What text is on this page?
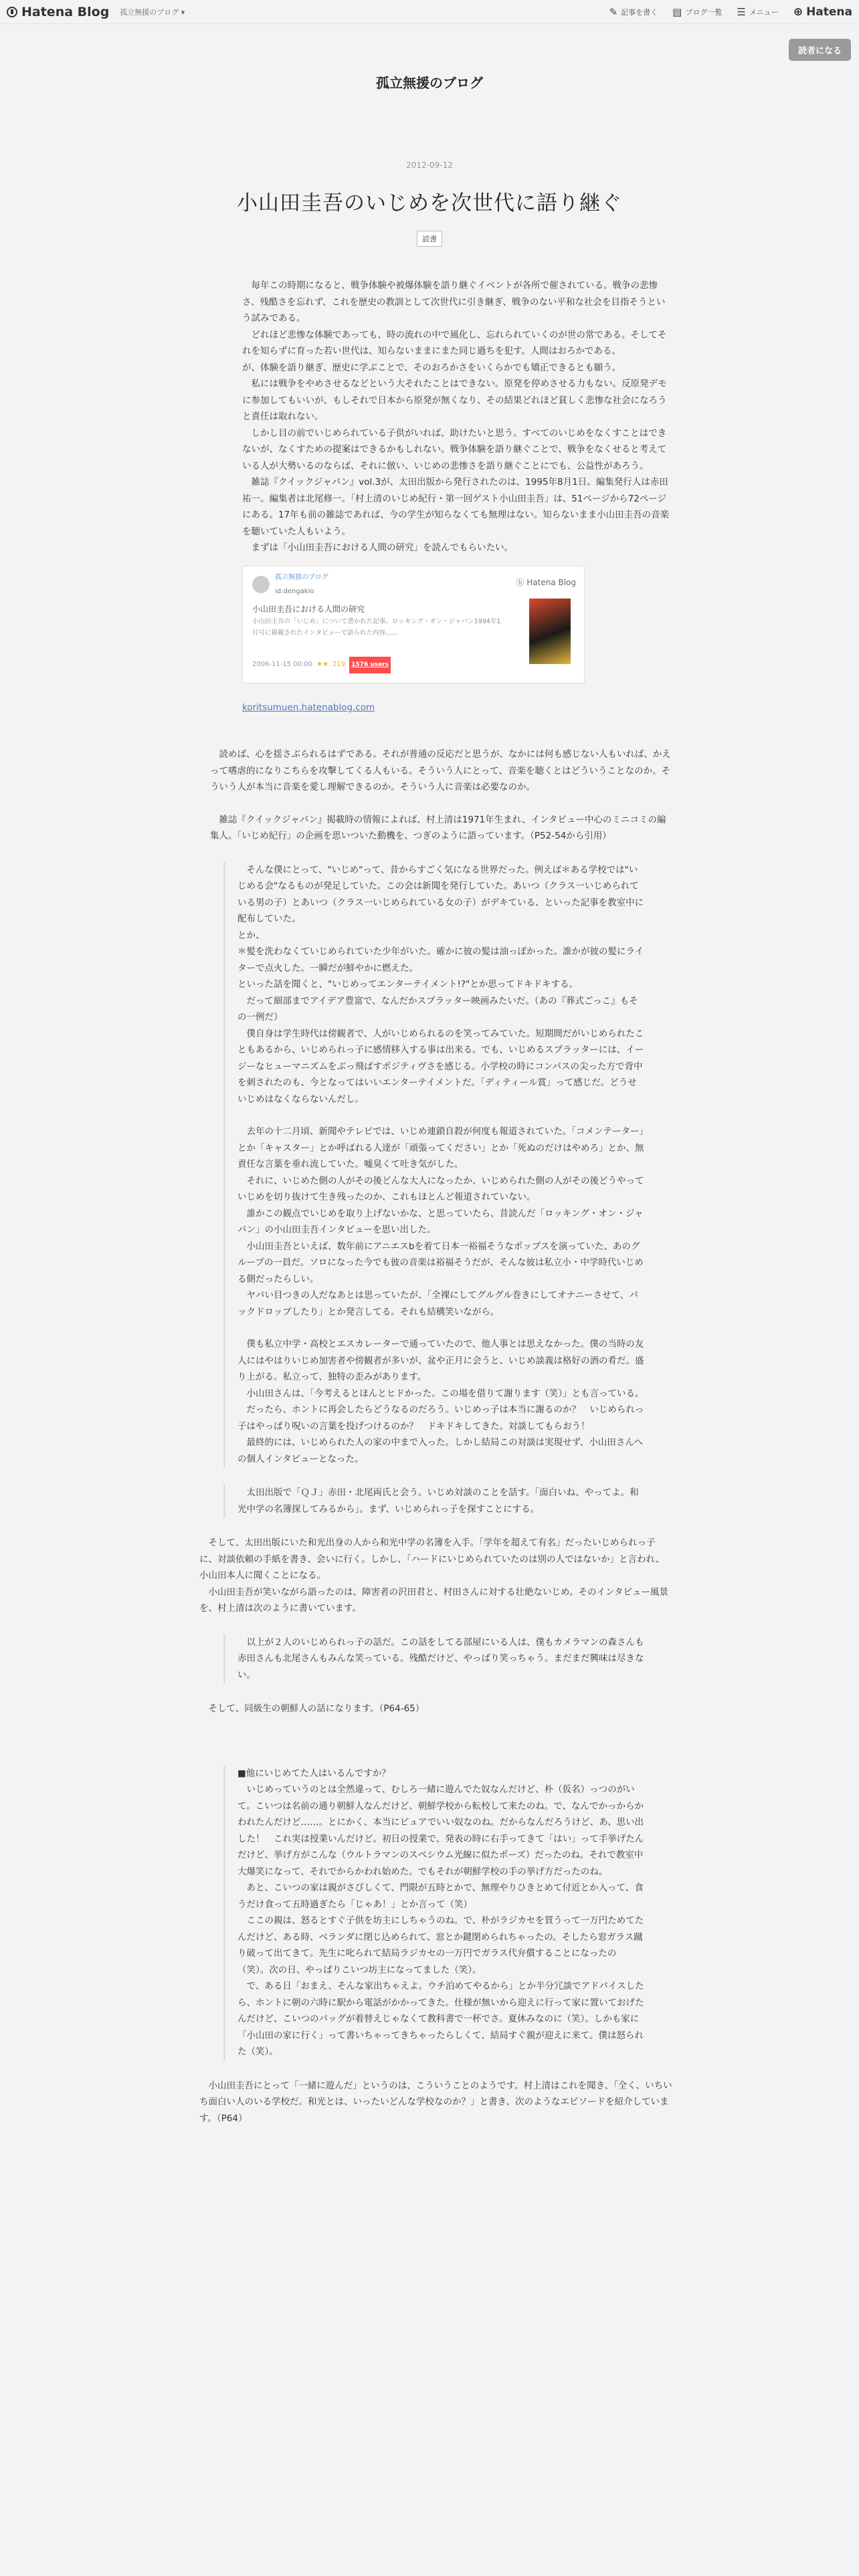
Hatena Blog 孤立無援のブログ ▾	✎ 記事を書く ▤ ブログ一覧 ☰ メニュー ⊕ Hatena
読者になる
孤立無援のブログ
2012-09-12
小山田圭吾のいじめを次世代に語り継ぐ
読書

毎年この時期になると、戦争体験や被爆体験を語り継ぐイベントが各所で催されている。戦争の悲惨さ、残酷さを忘れず、これを歴史の教訓として次世代に引き継ぎ、戦争のない平和な社会を目指そうという試みである。

どれほど悲惨な体験であっても、時の流れの中で風化し、忘れられていくのが世の常である。そしてそれを知らずに育った若い世代は、知らないままにまた同じ過ちを犯す。人間はおろかである。

が、体験を語り継ぎ、歴史に学ぶことで、そのおろかさをいくらかでも矯正できるとも願う。

私には戦争をやめさせるなどという大それたことはできない。原発を停めさせる力もない。反原発デモに参加してもいいが、もしそれで日本から原発が無くなり、その結果どれほど貧しく悲惨な社会になろうと責任は取れない。

しかし目の前でいじめられている子供がいれば、助けたいと思う。すべてのいじめをなくすことはできないが、なくすための提案はできるかもしれない。戦争体験を語り継ぐことで、戦争をなくせると考えている人が大勢いるのならば、それに倣い、いじめの悲惨さを語り継ぐことにでも、公益性があろう。

雑誌『クイックジャパン』vol.3が、太田出版から発行されたのは、1995年8月1日。編集発行人は赤田祐一。編集者は北尾修一。「村上清のいじめ紀行・第一回ゲスト小山田圭吾」は、51ページから72ページにある。17年も前の雑誌であれば、今の学生が知らなくても無理はない。知らないまま小山田圭吾の音楽を聴いていた人もいよう。

まずは「小山田圭吾における人間の研究」を読んでもらいたい。

孤立無援のブログ
id:dengakio
ⓗ Hatena Blog
小山田圭吾における人間の研究
小山田圭吾の「いじめ」について書かれた記事。ロッキング・オン・ジャパン1994年1月号に掲載されたインタビューで語られた内容……
2006-11-15 00:00 ★★ 219	1576 users
koritsumuen.hatenablog.com

読めば、心を揺さぶられるはずである。それが普通の反応だと思うが、なかには何も感じない人もいれば、かえって嗜虐的になりこちらを攻撃してくる人もいる。そういう人にとって、音楽を聴くとはどういうことなのか。そういう人が本当に音楽を愛し理解できるのか。そういう人に音楽は必要なのか。

雑誌『クイックジャパン』掲載時の情報によれば、村上清は1971年生まれ、インタビュー中心のミニコミの編集人。「いじめ紀行」の企画を思いついた動機を、つぎのように語っています。（P52-54から引用）

そんな僕にとって、"いじめ"って、昔からすごく気になる世界だった。例えば＊ある学校では"いじめる会"なるものが発足していた。この会は新聞を発行していた。あいつ（クラス一いじめられている男の子）とあいつ（クラス一いじめられている女の子）がデキている、といった記事を教室中に配布していた。

とか、

＊髪を洗わなくていじめられていた少年がいた。確かに彼の髪は油っぽかった。誰かが彼の髪にライターで点火した。一瞬だが鮮やかに燃えた。

といった話を聞くと、"いじめってエンターテイメント!?"とか思ってドキドキする。

だって細部までアイデア豊富で、なんだかスプラッター映画みたいだ。（あの『葬式ごっこ』もその一例だ）

僕自身は学生時代は傍観者で、人がいじめられるのを笑ってみていた。短期間だがいじめられたこともあるから、いじめられっ子に感情移入する事は出来る。でも、いじめるスプラッターには、イージーなヒューマニズムをぶっ飛ばすポジティヴさを感じる。小学校の時にコンパスの尖った方で背中を刺されたのも、今となってはいいエンターテイメントだ。「ディティール賞」って感じだ。どうせいじめはなくならないんだし。

去年の十二月頃、新聞やテレビでは、いじめ連鎖自殺が何度も報道されていた。「コメンテーター」とか「キャスター」とか呼ばれる人達が「頑張ってください」とか「死ぬのだけはやめろ」とか、無責任な言葉を垂れ流していた。嘘臭くて吐き気がした。

それに、いじめた側の人がその後どんな大人になったか、いじめられた側の人がその後どうやっていじめを切り抜けて生き残ったのか、これもほとんど報道されていない。

誰かこの観点でいじめを取り上げないかな、と思っていたら、昔読んだ「ロッキング・オン・ジャパン」の小山田圭吾インタビューを思い出した。

小山田圭吾といえば、数年前にアニエスbを着て日本一裕福そうなポップスを演っていた、あのグループの一員だ。ソロになった今でも彼の音楽は裕福そうだが、そんな彼は私立小・中学時代いじめる側だったらしい。

ヤバい目つきの人だなあとは思っていたが、「全裸にしてグルグル巻きにしてオナニーさせて、バックドロップしたり」とか発言してる。それも結構笑いながら。

僕も私立中学・高校とエスカレーターで通っていたので、他人事とは思えなかった。僕の当時の友人にはやはりいじめ加害者や傍観者が多いが、盆や正月に会うと、いじめ談義は格好の酒の肴だ。盛り上がる。私立って、独特の歪みがあります。

小山田さんは、「今考えるとほんとヒドかった。この場を借りて謝ります（笑）」とも言っている。

だったら、ホントに再会したらどうなるのだろう。いじめっ子は本当に謝るのか？　いじめられっ子はやっぱり呪いの言葉を投げつけるのか？　ドキドキしてきた。対談してもらおう！

最終的には、いじめられた人の家の中まで入った。しかし結局この対談は実現せず、小山田さんへの個人インタビューとなった。

太田出版で「ＱＪ」赤田・北尾両氏と会う。いじめ対談のことを話す。「面白いね、やってよ。和光中学の名簿探してみるから」。まず、いじめられっ子を探すことにする。

そして、太田出版にいた和光出身の人から和光中学の名簿を入手。「学年を超えて有名」だったいじめられっ子に、対談依頼の手紙を書き、会いに行く。しかし、「ハードにいじめられていたのは別の人ではないか」と言われ、小山田本人に聞くことになる。

小山田圭吾が笑いながら語ったのは、障害者の沢田君と、村田さんに対する壮絶ないじめ。そのインタビュー風景を、村上清は次のように書いています。

以上が２人のいじめられっ子の話だ。この話をしてる部屋にいる人は、僕もカメラマンの森さんも赤田さんも北尾さんもみんな笑っている。残酷だけど、やっぱり笑っちゃう。まだまだ興味は尽きない。

そして、同級生の朝鮮人の話になります。（P64-65）

■他にいじめてた人はいるんですか？

いじめっていうのとは全然違って、むしろ一緒に遊んでた奴なんだけど、朴（仮名）っつのがいて。こいつは名前の通り朝鮮人なんだけど、朝鮮学校から転校して来たのね。で、なんでかっからかわれたんだけど……。とにかく、本当にピュアでいい奴なのね。だからなんだろうけど、あ、思い出した！　これ実は授業いんだけど。初日の授業で、発表の時に右手ってきて「はい」って手挙げたんだけど、挙げ方がこんな（ウルトラマンのスペシウム光線に似たポーズ）だったのね。それで教室中大爆笑になって、それでからかわれ始めた。でもそれが朝鮮学校の手の挙げ方だったのね。

あと、こいつの家は親がさびしくて、門限が五時とかで、無理やりひきとめて付近とか入って、食うだけ食って五時過ぎたら「じゃあ！」とか言って（笑）

ここの親は、怒るとすぐ子供を坊主にしちゃうのね。で、朴がラジカセを買うって一万円ためてたんだけど、ある時、ベランダに閉じ込められて、窓とか鍵閉められちゃったの。そしたら窓ガラス蹴り破って出てきて。先生に叱られて結局ラジカセの一万円でガラス代弁償することになったの（笑）。次の日、やっぱりこいつ坊主になってました（笑）。

で、ある日「おまえ、そんな家出ちゃえよ。ウチ泊めてやるから」とか半分冗談でアドバイスしたら、ホントに朝の六時に駅から電話がかかってきた。仕様が無いから迎えに行って家に置いておげたんだけど、こいつのバッグが着替えじゃなくて教科書で一杯でさ。夏休みなのに（笑）。しかも家に「小山田の家に行く」って書いちゃってきちゃったらしくて、結局すぐ親が迎えに来て。僕は怒られた（笑）。

小山田圭吾にとって「一緒に遊んだ」というのは、こういうことのようです。村上清はこれを聞き、「全く、いちいち面白い人のいる学校だ。和光とは、いったいどんな学校なのか？」と書き、次のようなエピソードを紹介しています。（P64）
